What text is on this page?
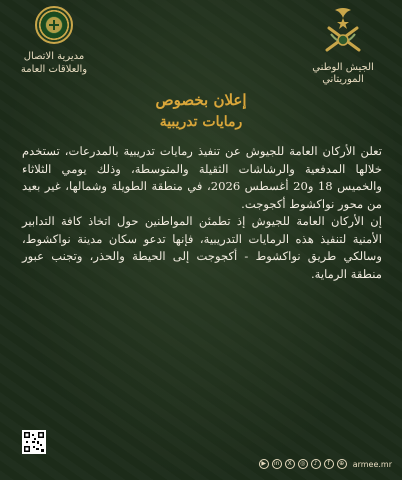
مديرية الاتصال
والعلاقات العامة	الجيش الوطني
الموريتاني
إعلان بخصوص
رمايات تدريبية

تعلن الأركان العامة للجيوش عن تنفيذ رمايات تدريبية بالمدرعات، تستخدم خلالها المدفعية والرشاشات الثقيلة والمتوسطة، وذلك يومي الثلاثاء والخميس 18 و20 أغسطس 2026، في منطقة الطويلة وشمالها، غير بعيد من محور نواكشوط أكجوجت.

إن الأركان العامة للجيوش إذ تطمئن المواطنين حول اتخاذ كافة التدابير الأمنية لتنفيذ هذه الرمايات التدريبية، فإنها تدعو سكان مدينة نواكشوط، وسالكي طريق نواكشوط - أكجوجت إلى الحيطة والحذر، وتجنب عبور منطقة الرماية.

▶	in	X	◎	♪	f	⊕	armee.mr
